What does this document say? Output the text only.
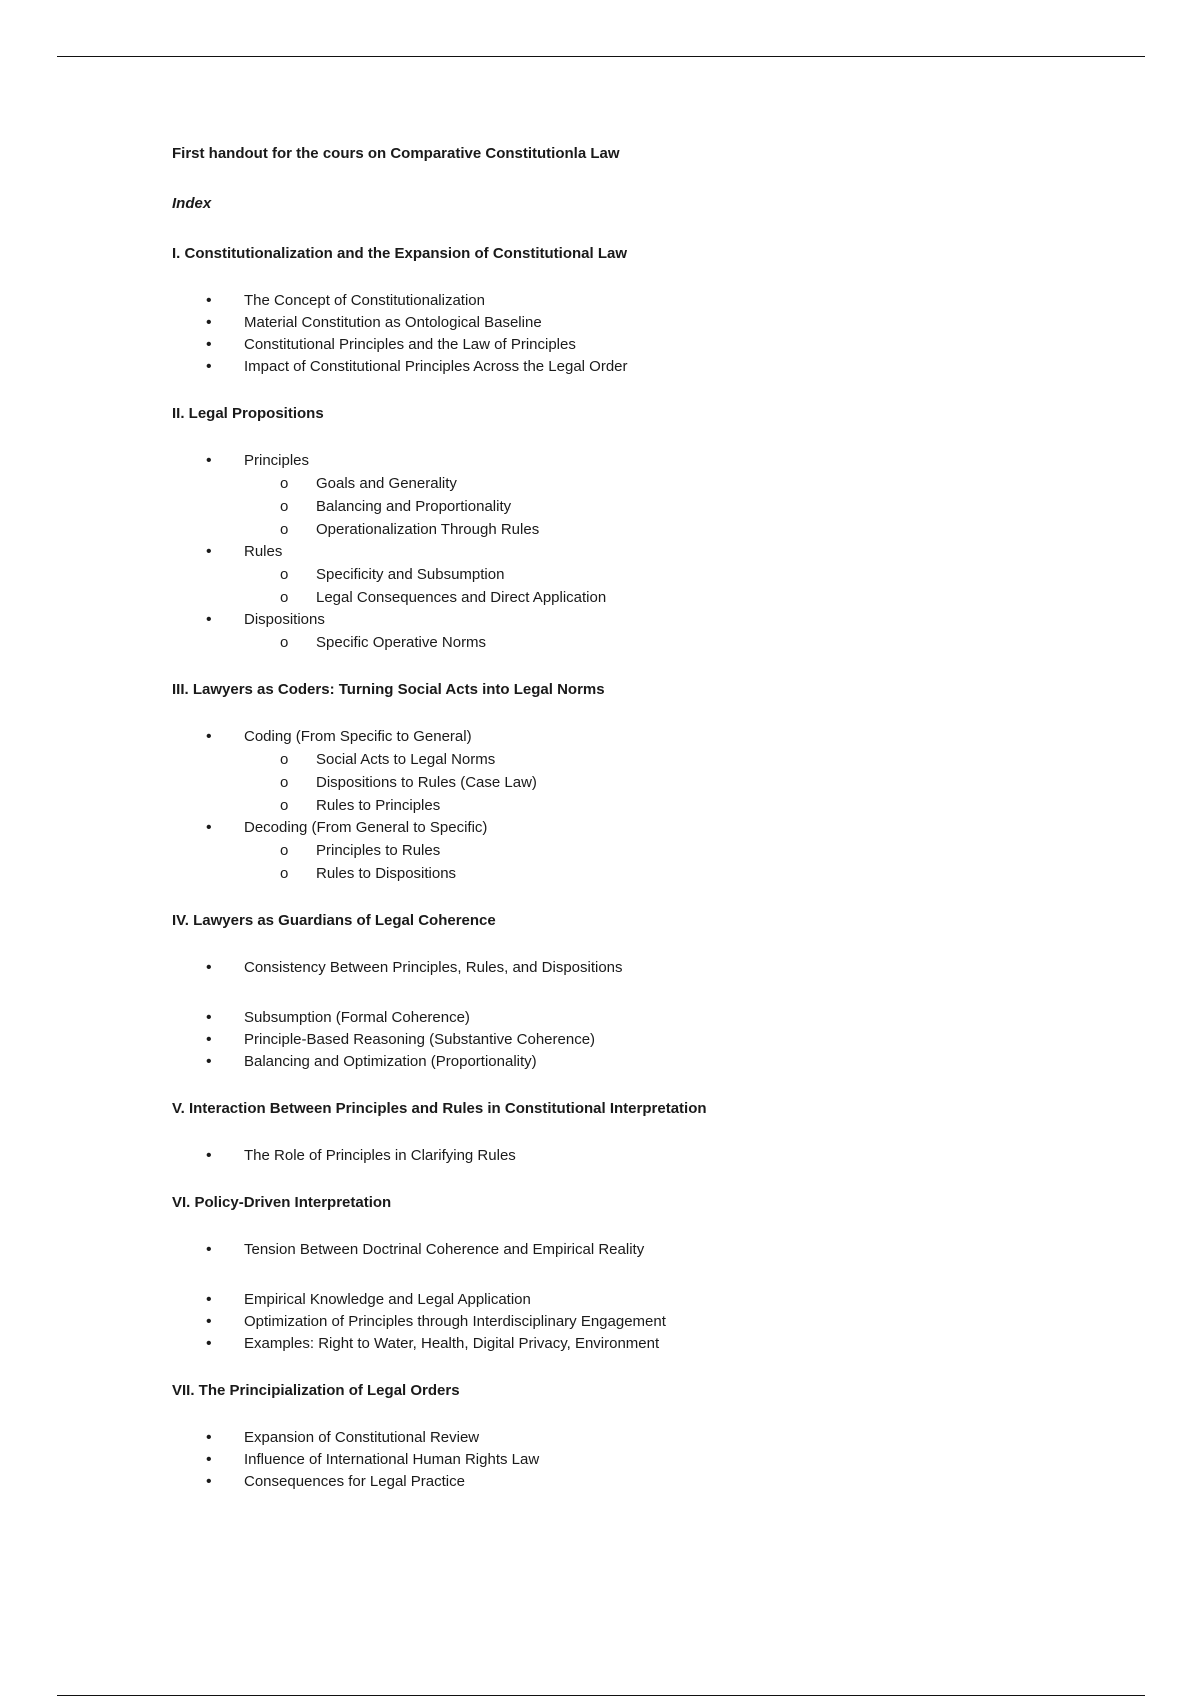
First handout for the cours on Comparative Constitutionla Law

Index

I. Constitutionalization and the Expansion of Constitutional Law
• The Concept of Constitutionalization
• Material Constitution as Ontological Baseline
• Constitutional Principles and the Law of Principles
• Impact of Constitutional Principles Across the Legal Order
II. Legal Propositions
• Principles
o Goals and Generality
o Balancing and Proportionality
o Operationalization Through Rules
• Rules
o Specificity and Subsumption
o Legal Consequences and Direct Application
• Dispositions
o Specific Operative Norms
III. Lawyers as Coders: Turning Social Acts into Legal Norms
• Coding (From Specific to General)
o Social Acts to Legal Norms
o Dispositions to Rules (Case Law)
o Rules to Principles
• Decoding (From General to Specific)
o Principles to Rules
o Rules to Dispositions
IV. Lawyers as Guardians of Legal Coherence
• Consistency Between Principles, Rules, and Dispositions
• Subsumption (Formal Coherence)
• Principle-Based Reasoning (Substantive Coherence)
• Balancing and Optimization (Proportionality)
V. Interaction Between Principles and Rules in Constitutional Interpretation
• The Role of Principles in Clarifying Rules
VI. Policy-Driven Interpretation
• Tension Between Doctrinal Coherence and Empirical Reality
• Empirical Knowledge and Legal Application
• Optimization of Principles through Interdisciplinary Engagement
• Examples: Right to Water, Health, Digital Privacy, Environment
VII. The Principialization of Legal Orders
• Expansion of Constitutional Review
• Influence of International Human Rights Law
• Consequences for Legal Practice
